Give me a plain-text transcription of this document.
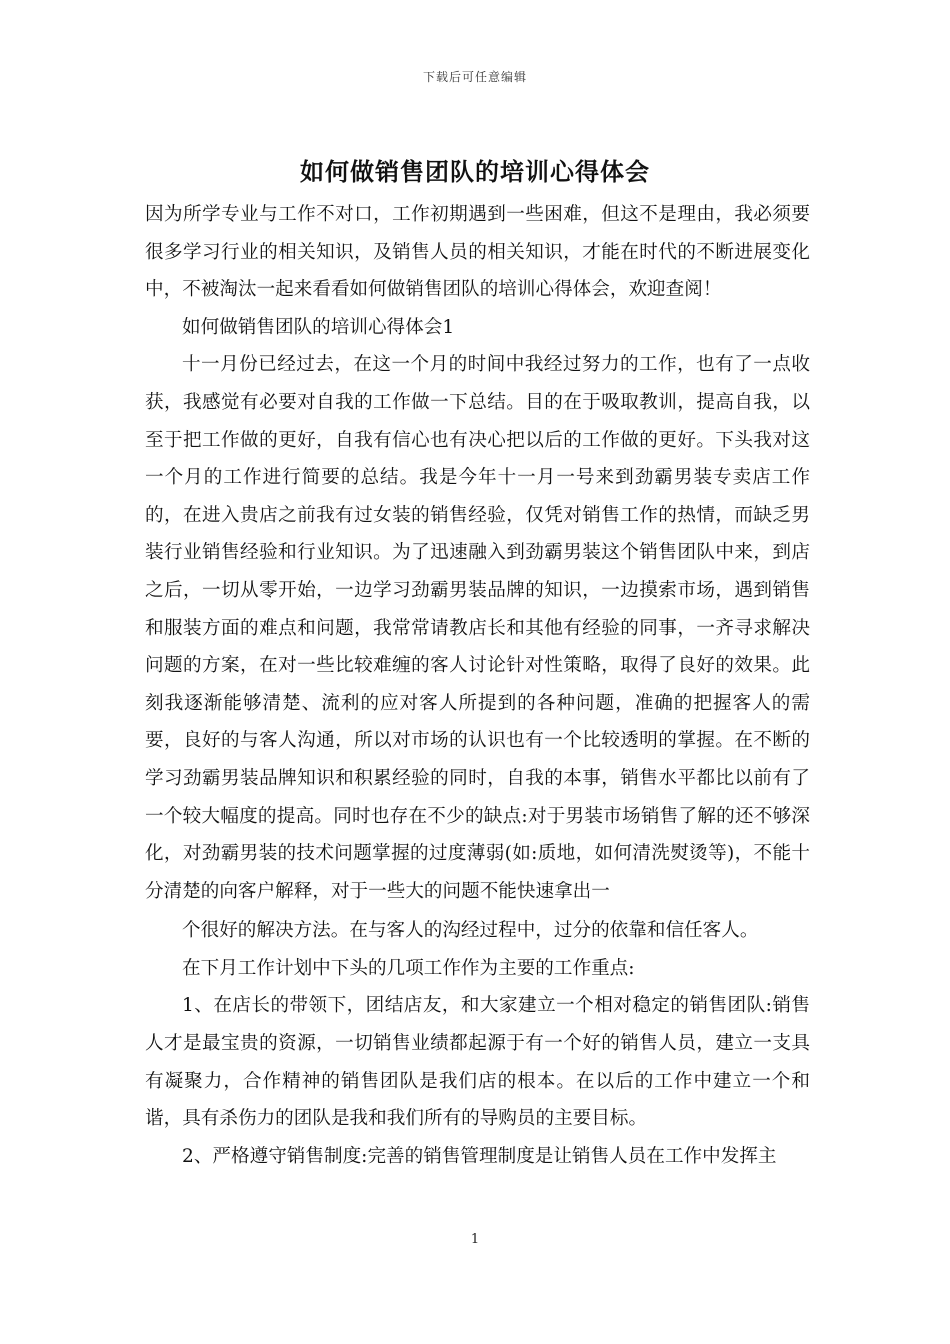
下载后可任意编辑
如何做销售团队的培训心得体会

因为所学专业与工作不对口，工作初期遇到一些困难，但这不是理由，我必须要很多学习行业的相关知识，及销售人员的相关知识，才能在时代的不断进展变化中，不被淘汰一起来看看如何做销售团队的培训心得体会，欢迎查阅！

如何做销售团队的培训心得体会1

十一月份已经过去，在这一个月的时间中我经过努力的工作，也有了一点收获，我感觉有必要对自我的工作做一下总结。目的在于吸取教训，提高自我，以至于把工作做的更好，自我有信心也有决心把以后的工作做的更好。下头我对这一个月的工作进行简要的总结。我是今年十一月一号来到劲霸男装专卖店工作的，在进入贵店之前我有过女装的销售经验，仅凭对销售工作的热情，而缺乏男装行业销售经验和行业知识。为了迅速融入到劲霸男装这个销售团队中来，到店之后，一切从零开始，一边学习劲霸男装品牌的知识，一边摸索市场，遇到销售和服装方面的难点和问题，我常常请教店长和其他有经验的同事，一齐寻求解决问题的方案，在对一些比较难缠的客人讨论针对性策略，取得了良好的效果。此刻我逐渐能够清楚、流利的应对客人所提到的各种问题，准确的把握客人的需要，良好的与客人沟通，所以对市场的认识也有一个比较透明的掌握。在不断的学习劲霸男装品牌知识和积累经验的同时，自我的本事，销售水平都比以前有了一个较大幅度的提高。同时也存在不少的缺点:对于男装市场销售了解的还不够深化，对劲霸男装的技术问题掌握的过度薄弱(如:质地，如何清洗熨烫等)，不能十分清楚的向客户解释，对于一些大的问题不能快速拿出一

个很好的解决方法。在与客人的沟经过程中，过分的依靠和信任客人。

在下月工作计划中下头的几项工作作为主要的工作重点:

1、在店长的带领下，团结店友，和大家建立一个相对稳定的销售团队:销售人才是最宝贵的资源，一切销售业绩都起源于有一个好的销售人员，建立一支具有凝聚力，合作精神的销售团队是我们店的根本。在以后的工作中建立一个和谐，具有杀伤力的团队是我和我们所有的导购员的主要目标。

2、严格遵守销售制度:完善的销售管理制度是让销售人员在工作中发挥主

1
